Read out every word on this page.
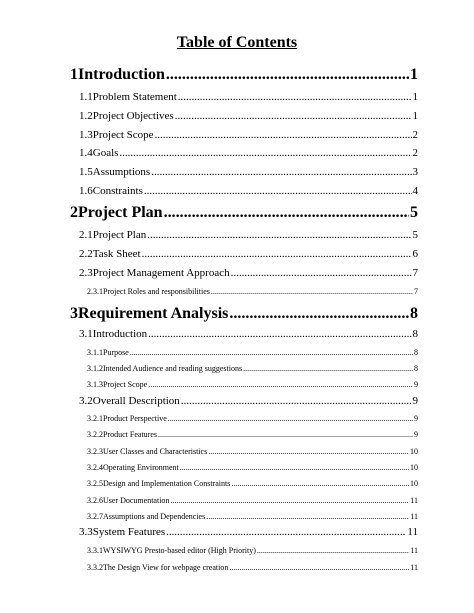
Table of Contents
1 Introduction .....	1
1.1 Problem Statement .....	1
1.2 Project Objectives .....	1
1.3 Project Scope .....	2
1.4 Goals .....	2
1.5 Assumptions .....	3
1.6 Constraints .....	4
2 Project Plan .....	5
2.1 Project Plan .....	5
2.2 Task Sheet .....	6
2.3 Project Management Approach .....	7
2.3.1 Project Roles and responsibilities .....	7
3 Requirement Analysis .....	8
3.1 Introduction .....	8
3.1.1 Purpose .....	8
3.1.2 Intended Audience and reading suggestions .....	8
3.1.3 Project Scope .....	9
3.2 Overall Description .....	9
3.2.1 Product Perspective .....	9
3.2.2 Product Features .....	9
3.2.3 User Classes and Characteristics .....	10
3.2.4 Operating Environment .....	10
3.2.5 Design and Implementation Constraints .....	10
3.2.6 User Documentation .....	11
3.2.7 Assumptions and Dependencies .....	11
3.3 System Features .....	11
3.3.1 WYSIWYG Presto-based editor (High Priority) .....	11
3.3.2 The Design View for webpage creation .....	11
